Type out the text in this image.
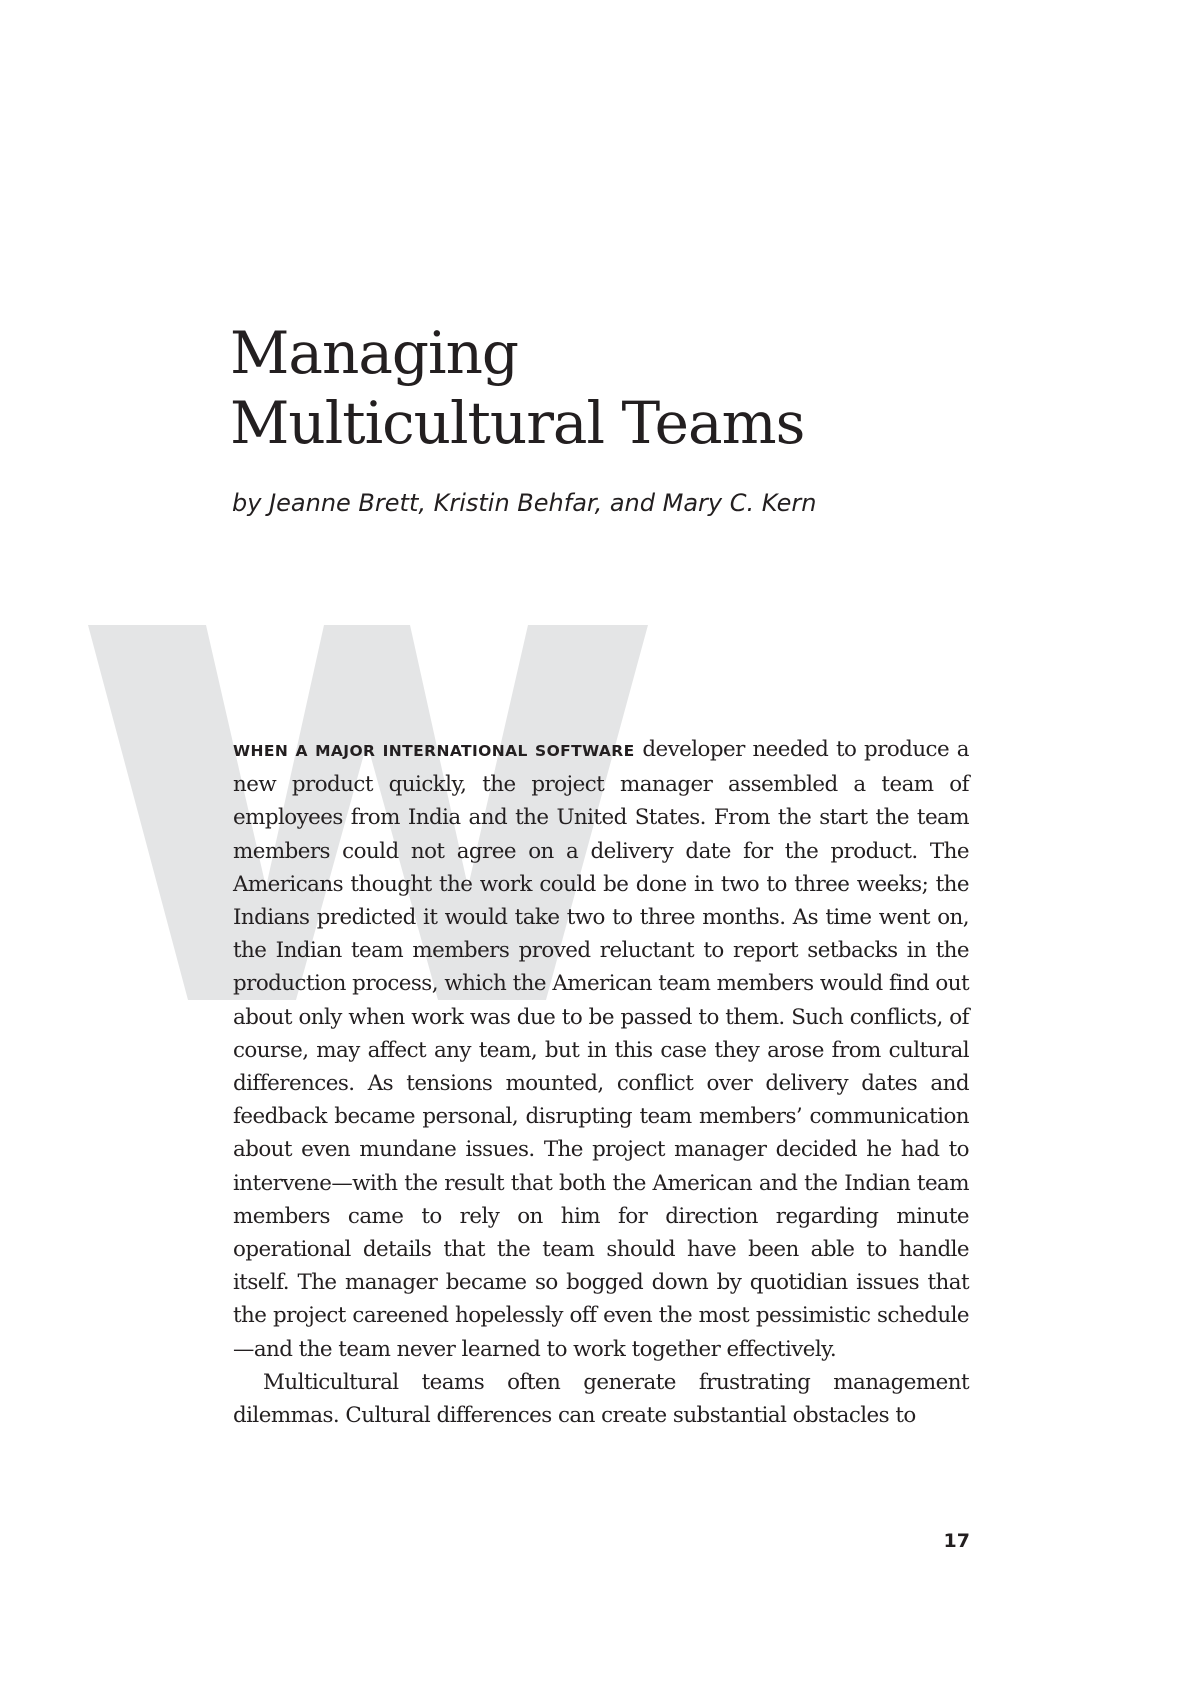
Managing
Multicultural Teams

by Jeanne Brett, Kristin Behfar, and Mary C. Kern

WHEN A MAJOR INTERNATIONAL SOFTWARE developer needed to produce a new product quickly, the project manager assembled a team of employees from India and the United States. From the start the team members could not agree on a delivery date for the product. The Americans thought the work could be done in two to three weeks; the Indians predicted it would take two to three months. As time went on, the Indian team members proved reluctant to report setbacks in the production process, which the American team members would find out about only when work was due to be passed to them. Such conflicts, of course, may affect any team, but in this case they arose from cultural differences. As tensions mounted, conflict over delivery dates and feedback became personal, disrupting team members’ communication about even mundane issues. The project manager decided he had to intervene—with the result that both the American and the Indian team members came to rely on him for direction regarding minute operational details that the team should have been able to handle itself. The manager became so bogged down by quotidian issues that the project careened hopelessly off even the most pessimistic schedule—and the team never learned to work together effectively.

Multicultural teams often generate frustrating management dilemmas. Cultural differences can create substantial obstacles to

17
